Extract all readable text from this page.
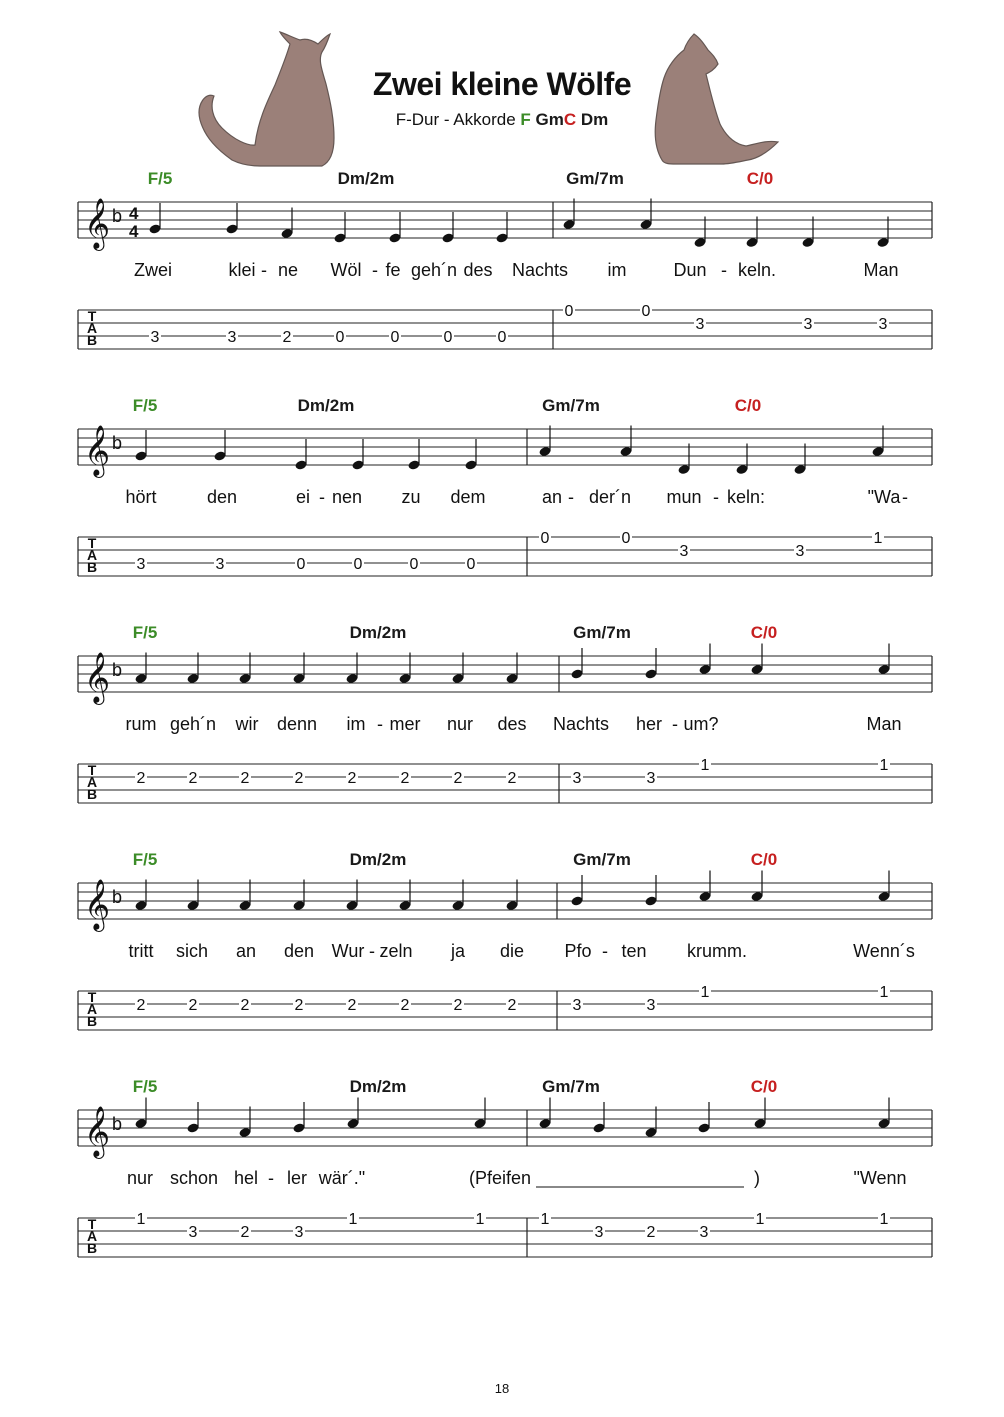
Zwei kleine Wölfe
F-Dur - Akkorde F GmC Dm
F/5	Dm/2m	Gm/7m	C/0
𝄞 b 4
4
Zwei	klei - ne Wöl - fe geh´n des Nachts im	Dun - keln.	Man
T
A
B	3	3	2	0	0	0	0
0	0
3	3	3
F/5	Dm/2m	Gm/7m	C/0
𝄞 b
hört	den	ei - nen zu dem	an - der´n mun - keln:	"Wa -
T
A
B 3	3	0	0	0	0
0	0
3	3
1
F/5	Dm/2m	Gm/7m	C/0
𝄞 b
rum geh´n wir denn im - mer nur des Nachts her - um?	Man
T
A
B
2	2	2	2	2	2	2	2	3	3
1	1
F/5	Dm/2m	Gm/7m	C/0
𝄞 b
tritt sich an den Wur - zeln ja die Pfo - ten krumm.	Wenn´s
T
A
B
2	2	2	2	2	2	2	2	3	3
1	1
F/5	Dm/2m	Gm/7m	C/0
𝄞 b
nur schon hel - ler wär´."	(Pfeifen	)	"Wenn
T
A
B
1
3	2	3
1	1	1
3	2	3
1	1
18
